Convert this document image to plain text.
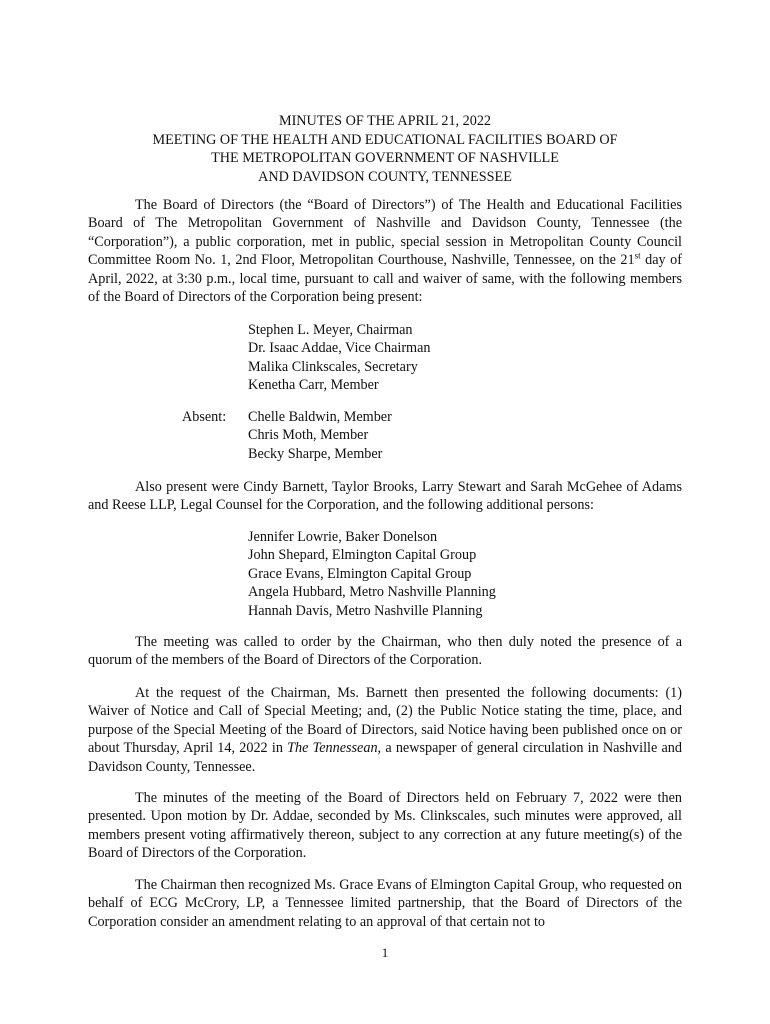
MINUTES OF THE APRIL 21, 2022
MEETING OF THE HEALTH AND EDUCATIONAL FACILITIES BOARD OF
THE METROPOLITAN GOVERNMENT OF NASHVILLE
AND DAVIDSON COUNTY, TENNESSEE

The Board of Directors (the “Board of Directors”) of The Health and Educational Facilities Board of The Metropolitan Government of Nashville and Davidson County, Tennessee (the “Corporation”), a public corporation, met in public, special session in Metropolitan County Council Committee Room No. 1, 2nd Floor, Metropolitan Courthouse, Nashville, Tennessee, on the 21st day of April, 2022, at 3:30 p.m., local time, pursuant to call and waiver of same, with the following members of the Board of Directors of the Corporation being present:

Stephen L. Meyer, Chairman
Dr. Isaac Addae, Vice Chairman
Malika Clinkscales, Secretary
Kenetha Carr, Member
Absent: Chelle Baldwin, Member
Chris Moth, Member
Becky Sharpe, Member

Also present were Cindy Barnett, Taylor Brooks, Larry Stewart and Sarah McGehee of Adams and Reese LLP, Legal Counsel for the Corporation, and the following additional persons:

Jennifer Lowrie, Baker Donelson
John Shepard, Elmington Capital Group
Grace Evans, Elmington Capital Group
Angela Hubbard, Metro Nashville Planning
Hannah Davis, Metro Nashville Planning

The meeting was called to order by the Chairman, who then duly noted the presence of a quorum of the members of the Board of Directors of the Corporation.

At the request of the Chairman, Ms. Barnett then presented the following documents: (1) Waiver of Notice and Call of Special Meeting; and, (2) the Public Notice stating the time, place, and purpose of the Special Meeting of the Board of Directors, said Notice having been published once on or about Thursday, April 14, 2022 in The Tennessean, a newspaper of general circulation in Nashville and Davidson County, Tennessee.

The minutes of the meeting of the Board of Directors held on February 7, 2022 were then presented. Upon motion by Dr. Addae, seconded by Ms. Clinkscales, such minutes were approved, all members present voting affirmatively thereon, subject to any correction at any future meeting(s) of the Board of Directors of the Corporation.

The Chairman then recognized Ms. Grace Evans of Elmington Capital Group, who requested on behalf of ECG McCrory, LP, a Tennessee limited partnership, that the Board of Directors of the Corporation consider an amendment relating to an approval of that certain not to

1
